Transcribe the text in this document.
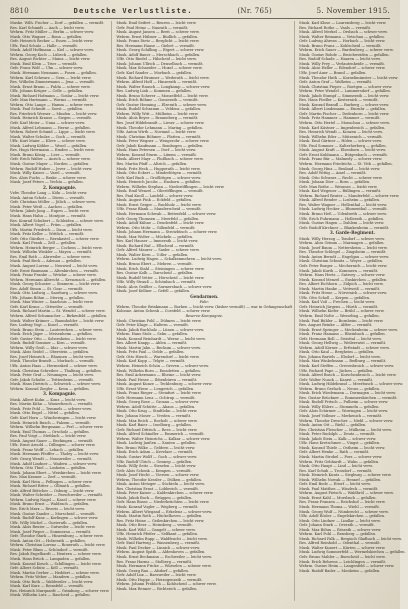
8810	Deutsche Verlustliste.	(Nr. 765)	5. November 1915.
Muske. Wilh. Fischer — Dorf — gefallen — vermißt
Res. Karl Schmidt — Aach — leicht verw.
Wehrm. Fritz Müller — Berlin — schwer verw.
Musk. Otto Wagner — Bonn — gefallen.
Gefr. Heinrich Becker — Essen — leicht verw.
Uffz. Paul Schulz — Halle — vermißt.
Musk. Adolf Hoffmann — Kiel — schwer verw.
Wehrm. Georg Koch — Lübeck — gefallen.
Res. August Richter — Mainz — leicht verw.
Musk. Emil Klein — Trier — vermißt.
Gefr. Franz Wolf — Ulm — schwer verw.
Musk. Hermann Neumann — Posen — gefallen.
Wehrm. Karl Schwarz — Gera — leicht verw.
Res. Wilhelm Zimmermann — Jena — vermißt.
Musk. Ernst Braun — Fulda — schwer verw.
Uffz. Johann Krüger — Celle — gefallen.
Musk. Richard Hofmann — Goslar — leicht verw.
Gefr. Max Hartmann — Worms — vermißt.
Wehrm. Otto Lange — Hamm — schwer verw.
Musk. Paul Schmitt — Soest — gefallen.
Res. Friedrich Werner — Minden — leicht verw.
Musk. Heinrich Krause — Siegen — vermißt.
Gefr. Karl Meier — Unna — schwer verw.
Musk. Alfred Lehmann — Herne — gefallen.
Wehrm. Robert Schmid — Lippe — leicht verw.
Musk. Walter Schulze — Goch — vermißt.
Uffz. Kurt Maier — Kleve — schwer verw.
Musk. Ludwig Köhler — Wesel — gefallen.
Res. Hugo Herrmann — Emden — leicht verw.
Musk. Bruno König — Leer — vermißt.
Gefr. Erich Walter — Aurich — schwer verw.
Musk. Gustav Mayer — Norden — gefallen.
Wehrm. Rudolf Huber — Jever — leicht verw.
Musk. Willy Kaiser — Varel — vermißt.
Res. Alois Fuchs — Brake — schwer verw.
Musk. Josef Peters — Vechta — gefallen.
2. Kompagnie.
Vzfw. Theodor Lang — Köln — leicht verw.
Musk. Anton Scholz — Düren — vermißt.
Gefr. Christian Möller — Jülich — schwer verw.
Musk. Peter Weiß — Aachen — gefallen.
Wehrm. Jakob Jung — Eupen — leicht verw.
Musk. Hans Hahn — Montjoie — vermißt.
Res. Konrad Schubert — Schleiden — schwer verw.
Musk. Albert Vogel — Prüm — gefallen.
Uffz. Martin Friedrich — Daun — leicht verw.
Musk. Fritz Keller — Wittlich — vermißt.
Gefr. Otto Günther — Bernkastel — schwer verw.
Musk. Karl Frank — Zell — gefallen.
Wehrm. Heinrich Berger — Cochem — leicht verw.
Musk. Wilhelm Winkler — Mayen — vermißt.
Res. Emil Roth — Ahrweiler — schwer verw.
Musk. Paul Beck — Adenau — gefallen.
Musk. August Lorenz — Neuwied — leicht verw.
Gefr. Ernst Baumann — Altenkirchen — vermißt.
Musk. Franz Franke — Wetzlar — schwer verw.
Wehrm. Hermann Albrecht — Kreuznach — gefallen.
Musk. Georg Schuster — Simmern — leicht verw.
Res. Adolf Simon — St. Goar — vermißt.
Musk. Otto Ludwig — Saarburg — schwer verw.
Uffz. Johann Böhm — Merzig — gefallen.
Musk. Max Winter — Saarlouis — leicht verw.
Gefr. Karl Kraus — Ottweiler — vermißt.
Musk. Richard Martin — St. Wendel — schwer verw.
Wehrm. Alfred Schumacher — Birkenfeld — gefallen.
Musk. Walter Krämer — Baumholder — leicht verw.
Res. Ludwig Vogt — Kusel — vermißt.
Musk. Bruno Stein — Lauterecken — schwer verw.
Musk. Erich Jäger — Meisenheim — gefallen.
Gefr. Gustav Otto — Sobernheim — leicht verw.
Musk. Rudolf Sommer — Kirn — vermißt.
Wehrm. Willy Groß — Idar — schwer verw.
Musk. Alois Seidel — Oberstein — gefallen.
Res. Josef Heinrich — Rhaunen — leicht verw.
Musk. Theodor Brandt — Morbach — vermißt.
Uffz. Anton Haas — Hermeskeil — schwer verw.
Musk. Christian Schreiber — Thalfang — gefallen.
Musk. Peter Graf — Neumagen — leicht verw.
Gefr. Jakob Schulte — Trittenheim — vermißt.
Musk. Hans Dietrich — Schweich — schwer verw.
Wehrm. Konrad Ziegler — Kenn — gefallen.
3. Kompagnie.
Musk. Albert Kuhn — Konz — leicht verw.
Res. Martin Kühn — Wasserliesch — vermißt.
Musk. Fritz Pohl — Temmels — schwer verw.
Musk. Otto Engel — Nittel — gefallen.
Gefr. Karl Horn — Wincheringen — leicht verw.
Musk. Heinrich Busch — Palzem — vermißt.
Wehrm. Wilhelm Bergmann — Perl — schwer verw.
Musk. Emil Thomas — Orscholz — gefallen.
Res. Paul Voigt — Mettlach — leicht verw.
Musk. August Sauer — Beckingen — vermißt.
Uffz. Ernst Arnold — Dillingen — schwer verw.
Musk. Franz Wolff — Lebach — gefallen.
Musk. Hermann Pfeiffer — Tholey — leicht verw.
Gefr. Georg Wendt — Nonnweiler — vermißt.
Musk. Adolf Lindner — Wadern — schwer verw.
Wehrm. Otto Thiel — Losheim — gefallen.
Musk. Johann Ebert — Weiskirchen — leicht verw.
Res. Max Kramer — Zerf — vermißt.
Musk. Karl Hein — Pellingen — schwer verw.
Musk. Richard Ritter — Ollmuth — gefallen.
Gefr. Alfred Böttcher — Osburg — leicht verw.
Musk. Walter Schröder — Farschweiler — vermißt.
Wehrm. Ludwig Nagel — Kasel — schwer verw.
Musk. Bruno Ernst — Waldrach — gefallen.
Res. Erich Marx — Riveris — leicht verw.
Musk. Gustav Zander — Morscheid — vermißt.
Musk. Rudolf Kunz — Korlingen — schwer verw.
Uffz. Willy Michel — Gusterath — gefallen.
Musk. Alois Reuter — Gutweiler — leicht verw.
Musk. Josef Pieper — Sommerau — vermißt.
Gefr. Theodor Stark — Hinzenburg — schwer verw.
Musk. Anton Ott — Holzerath — gefallen.
Wehrm. Christian Lorenz — Bonerath — leicht verw.
Musk. Peter Blum — Schöndorf — vermißt.
Res. Jakob Engelhardt — Hentern — schwer verw.
Musk. Hans Brück — Lampaden — gefallen.
Musk. Konrad Kirsch — Schillingen — leicht verw.
Gefr. Albert Schütz — Kell — vermißt.
Musk. Martin Gerber — Heddert — schwer verw.
Wehrm. Fritz Weber — Mandern — gefallen.
Musk. Otto Roth — Waldweiler — leicht verw.
Musk. Karl Kurz — Reinsfeld — vermißt.
Res. Heinrich Marquardt — Grimburg — schwer verw.
Musk. Wilhelm Lutz — Rascheid — gefallen.
Musk. Emil Seifert — Beuren — leicht verw.
Gefr. Paul Heinz — Naurath — vermißt.
Musk. August Jansen — Breit — schwer verw.
Wehrm. Ernst Hübner — Büdlich — gefallen.
Musk. Franz Dietz — Berglicht — leicht verw.
Res. Hermann Haase — Gielert — vermißt.
Musk. Georg Schilling — Etgert — schwer verw.
Musk. Adolf Bauer — Merschbach — gefallen.
Uffz. Otto Riedel — Hilscheid — leicht verw.
Musk. Johann Ullrich — Deuselbach — vermißt.
Musk. Max Schneider — Hoxel — schwer verw.
Gefr. Karl Sander — Morbach — gefallen.
Musk. Richard Brunner — Wederath — leicht verw.
Wehrm. Alfred Hoff — Hinzerath — vermißt.
Musk. Walter Rausch — Longkamp — schwer verw.
Res. Ludwig Link — Kommen — gefallen.
Musk. Bruno Scherer — Monzelfeld — leicht verw.
Musk. Erich Böhme — Gonzerath — vermißt.
Gefr. Gustav Henning — Elzerath — schwer verw.
Musk. Rudolf Schramm — Veldenz — gefallen.
Wehrm. Willy Witt — Mülheim — leicht verw.
Musk. Alois Beyer — Brauneberg — vermißt.
Res. Josef Hildebrandt — Lieser — schwer verw.
Musk. Theodor Lehmann — Maring — gefallen.
Uffz. Anton Wirth — Noviand — leicht verw.
Musk. Christian Böhmer — Platten — vermißt.
Musk. Peter Wegner — Wengerohr — schwer verw.
Gefr. Jakob Kaufmann — Bombogen — gefallen.
Musk. Hans Petersen — Dorf — leicht verw.
Wehrm. Konrad Sturm — Lüxem — vermißt.
Musk. Albert Mayr — Flußbach — schwer verw.
Res. Martin Pfaff — Altrich — gefallen.
Musk. Fritz Heck — Hupperath — leicht verw.
Musk. Otto Eckert — Minderlittgen — vermißt.
Gefr. Karl Bach — Großlittgen — schwer verw.
Musk. Heinrich Jacobs — Hasborn — gefallen.
Wehrm. Wilhelm Stephan — Niederöfflingen — leicht verw.
Musk. Emil Wenzel — Oberöfflingen — vermißt.
Res. Paul Knoll — Laufeld — schwer verw.
Musk. August Fink — Eckfeld — gefallen.
Musk. Ernst Geiger — Buchholz — leicht verw.
Uffz. Franz Blank — Manderscheid — vermißt.
Musk. Hermann Schwab — Bettenfeld — schwer verw.
Gefr. Georg Thomsen — Meerfeld — gefallen.
Musk. Adolf Kühne — Deudesfeld — leicht verw.
Wehrm. Otto Mohr — Gillenfeld — vermißt.
Musk. Johann Hermann — Strotzbüsch — schwer verw.
Musk. Max Wolter — Mückeln — gefallen.
Res. Karl Hauser — Immerath — leicht verw.
Musk. Richard Ruf — Ellscheid — vermißt.
Gefr. Alfred Maurer — Saxler — schwer verw.
Musk. Walter Kern — Udler — gefallen.
Wehrm. Ludwig Hagen — Schalkenmehren — leicht verw.
Musk. Bruno Ebert — Mehren — vermißt.
Musk. Erich Stahl — Steiningen — schwer verw.
Res. Gustav Kolb — Darscheid — gefallen.
Musk. Rudolf Vetter — Hörscheid — leicht verw.
Uffz. Willy Strauß — Schönbach — vermißt.
Musk. Alois Geißler — Sarmersbach — schwer verw.
Musk. Josef Kellner — Gefell — gefallen.
Gendarmen.
Fahr.
Wehrm. Theodor Brinkmann — Borken — leicht verw. (bisher vermißt) — war in Gefangenschaft
Kolonne. Anton Schenk — Coesfeld — schwer verw.
Reserve-Kompagnie.
Musk. Christian Pohl — Dülmen — leicht verw.
Gefr. Peter Kluge — Haltern — vermißt.
Musk. Jakob Buchholz — Lünen — schwer verw.
Wehrm. Hans Stolz — Selm — gefallen.
Musk. Konrad Reinhardt — Werne — leicht verw.
Res. Albert Knapp — Ahlen — vermißt.
Musk. Martin Jahn — Beckum — schwer verw.
Musk. Fritz Paul — Oelde — gefallen.
Gefr. Otto Hirsch — Warendorf — leicht verw.
Musk. Karl Kopp — Telgte — vermißt.
Wehrm. Heinrich Schön — Greven — schwer verw.
Musk. Wilhelm Born — Emsdetten — gefallen.
Res. Emil Ackermann — Rheine — leicht verw.
Musk. Paul Hesse — Ibbenbüren — vermißt.
Musk. August Kunze — Tecklenburg — schwer verw.
Uffz. Ernst Wiese — Lengerich — gefallen.
Musk. Franz Rieger — Steinfurt — leicht verw.
Gefr. Hermann Lenz — Ochtrup — vermißt.
Musk. Georg Rose — Gronau — schwer verw.
Wehrm. Adolf Schütte — Ahaus — gefallen.
Musk. Otto Krug — Stadtlohn — leicht verw.
Res. Johann Moser — Vreden — vermißt.
Musk. Max Reich — Bocholt — schwer verw.
Musk. Karl Baier — Isselburg — gefallen.
Gefr. Richard Dittrich — Rees — leicht verw.
Musk. Alfred Schindler — Emmerich — vermißt.
Wehrm. Walter Heinrichs — Kalkar — schwer verw.
Musk. Ludwig Janßen — Xanten — gefallen.
Res. Bruno Wilke — Geldern — leicht verw.
Musk. Erich Adam — Kevelaer — vermißt.
Musk. Gustav Wolff — Goch — schwer verw.
Uffz. Rudolf Ulrich — Gennep — gefallen.
Musk. Willy Seitz — Straelen — leicht verw.
Gefr. Alois Schenk — Kempen — vermißt.
Musk. Josef Hecht — Viersen — schwer verw.
Wehrm. Theodor Kessler — Dülken — gefallen.
Musk. Anton Metzger — Süchteln — leicht verw.
Res. Christian Ernst — Lobberich — vermißt.
Musk. Peter Kaiser — Kaldenkirchen — schwer verw.
Musk. Jakob Bock — Brüggen — gefallen.
Gefr. Hans Busse — Niederkrüchten — leicht verw.
Musk. Konrad Vogler — Wegberg — vermißt.
Wehrm. Albert Wiegand — Erkelenz — schwer verw.
Musk. Martin Roth — Hückelhoven — gefallen.
Res. Fritz Heine — Geilenkirchen — leicht verw.
Musk. Otto Beer — Heinsberg — vermißt.
Musk. Karl Wild — Gangelt — schwer verw.
Uffz. Heinrich Pfeifer — Selfkant — gefallen.
Musk. Wilhelm Rupp — Waldfeucht — leicht verw.
Gefr. Emil Hartwig — Wassenberg — vermißt.
Musk. Paul Decker — Linnich — schwer verw.
Wehrm. August Späth — Aldenhoven — gefallen.
Musk. Ernst Beckmann — Eschweiler — leicht verw.
Res. Franz Harms — Stolberg — vermißt.
Musk. Hermann Fricke — Würselen — schwer verw.
Musk. Georg Rau — Alsdorf — gefallen.
Gefr. Adolf Lux — Baesweiler — leicht verw.
Musk. Otto Hoppe — Herzogenrath — vermißt.
Wehrm. Johann Fröhlich — Kohlscheid — schwer verw.
Musk. Max Renner — Richterich — gefallen.
Musk. Karl Klose — Laurensberg — leicht verw.
Res. Richard Rothe — Vaals — vermißt.
Musk. Alfred Merkel — Orsbach — schwer verw.
Musk. Walter Reimann — Vetschau — gefallen.
Gefr. Ludwig Ahrens — Horbach — leicht verw.
Musk. Bruno Franz — Kohlscheid — vermißt.
Wehrm. Erich Sauer — Bardenberg — schwer verw.
Musk. Gustav Rohde — Broichweiden — gefallen.
Res. Rudolf Schade — Haaren — leicht verw.
Musk. Willy Frey — Verlautenheide — vermißt.
Musk. Alois Heller — Eilendorf — schwer verw.
Uffz. Josef Auer — Brand — gefallen.
Musk. Theodor Huth — Kornelimünster — leicht verw.
Gefr. Anton Graf — Walheim — vermißt.
Musk. Christian Pieper — Roetgen — schwer verw.
Wehrm. Peter Wendel — Lammersdorf — gefallen.
Musk. Jakob Stumpf — Simmerath — leicht verw.
Res. Hans Fiedler — Kesternich — vermißt.
Musk. Konrad Brandl — Rurberg — schwer verw.
Musk. Albert Lindemann — Einruhr — gefallen.
Gefr. Martin Fischer — Dedenborn — leicht verw.
Musk. Fritz Hammer — Hammer — vermißt.
Wehrm. Otto Hertel — Monschau — schwer verw.
Musk. Karl Kästner — Imgenbroich — gefallen.
Res. Heinrich Wendt — Konzen — leicht verw.
Musk. Wilhelm Eder — Mützenich — vermißt.
Musk. Emil Gärtner — Höfen — schwer verw.
Uffz. Paul Sommer — Kalterherberg — gefallen.
Musk. August Kraft — Elsenborn — leicht verw.
Gefr. Ernst Kuhlmann — Bütgenbach — vermißt.
Musk. Franz Bär — Malmedy — schwer verw.
Wehrm. Hermann Friedrichs — St. Vith — gefallen.
Musk. Georg Hinz — Reuland — leicht verw.
Res. Adolf Wittig — Amel — vermißt.
Musk. Otto Schwarz — Recht — schwer verw.
Musk. Johann Dörr — Born — gefallen.
Gefr. Max Rothe — Weismes — leicht verw.
Musk. Karl Wegener — Büllingen — vermißt.
Wehrm. Richard Reuter — Manderfeld — schwer verw.
Musk. Alfred Bender — Losheim — gefallen.
Res. Walter Wagner — Hellenthal — leicht verw.
Musk. Ludwig Hecker — Blumenthal — vermißt.
Musk. Bruno Heß — Udenbreth — schwer verw.
Uffz. Erich Fuhrmann — Hollerath — gefallen.
Musk. Gustav Hagen — Dahlem — leicht verw.
Gefr. Rudolf Kirchner — Blankenheim — vermißt.
3. Garde-Regiment.
Musk. Willy Herzog — Tondorf — schwer verw.
Wehrm. Alois Grimm — Marmagen — gefallen.
Musk. Josef Baum — Nettersheim — leicht verw.
Res. Theodor Schlegel — Zingsheim — vermißt.
Musk. Anton Berndt — Engelgau — schwer verw.
Musk. Christian Schmitz — Weyer — gefallen.
Gefr. Peter Burger — Mechernich — leicht verw.
Musk. Jakob Kurth — Kommern — vermißt.
Wehrm. Hans Hertz — Satzvey — schwer verw.
Musk. Konrad Menzel — Euskirchen — gefallen.
Res. Albert Eichhorn — Zülpich — leicht verw.
Musk. Martin Hanke — Vettweiß — vermißt.
Musk. Fritz Hesse — Nörvenich — schwer verw.
Uffz. Otto Scholl — Kerpen — gefallen.
Musk. Karl Voß — Frechen — leicht verw.
Gefr. Heinrich Jürgens — Hürth — vermißt.
Musk. Wilhelm Kiefer — Brühl — schwer verw.
Wehrm. Emil Nolte — Wesseling — gefallen.
Musk. Paul Bühler — Bornheim — leicht verw.
Res. August Reinke — Alfter — vermißt.
Musk. Ernst Springer — Meckenheim — schwer verw.
Musk. Franz Hamann — Rheinbach — gefallen.
Gefr. Hermann Boll — Swisttal — leicht verw.
Musk. Georg Hellwig — Weilerswist — vermißt.
Wehrm. Adolf Körner — Erftstadt — schwer verw.
Musk. Otto Kaul — Bergheim — gefallen.
Res. Johann Bartels — Elsdorf — leicht verw.
Musk. Max Winkelmann — Bedburg — vermißt.
Musk. Karl Steffen — Grevenbroich — schwer verw.
Uffz. Richard Pape — Jüchen — gefallen.
Musk. Alfred Busch — Korschenbroich — leicht verw.
Gefr. Walter Noack — Kaarst — vermißt.
Musk. Ludwig Hildebrand — Meerbusch — schwer verw.
Wehrm. Bruno Gerlach — Neuss — gefallen.
Musk. Erich Wiedemann — Dormagen — leicht verw.
Res. Gustav Brückner — Rommerskirchen — vermißt.
Musk. Rudolf Fritsch — Pulheim — schwer verw.
Musk. Willy Ehlers — Stommeln — gefallen.
Gefr. Alois Schirmer — Worringen — leicht verw.
Musk. Josef Vollmer — Merkenich — vermißt.
Wehrm. Theodor Drescher — Niehl — schwer verw.
Musk. Anton Ott — Riehl — gefallen.
Res. Christian Fleischer — Mülheim — leicht verw.
Musk. Peter Rudolph — Deutz — vermißt.
Musk. Jakob Stein — Kalk — schwer verw.
Uffz. Hans Kretschmer — Vingst — gefallen.
Musk. Konrad Thiele — Ostheim — leicht verw.
Gefr. Albert Henke — Rath — vermißt.
Musk. Martin Strobel — Porz — schwer verw.
Wehrm. Fritz Gebhardt — Wahn — gefallen.
Musk. Otto Haupt — Lind — leicht verw.
Res. Karl Schuh — Troisdorf — vermißt.
Musk. Heinrich Kuntz — Siegburg — schwer verw.
Musk. Wilhelm Nowak — Hennef — gefallen.
Gefr. Emil Bode — Eitorf — leicht verw.
Musk. Paul Matthes — Windeck — vermißt.
Wehrm. August Pietsch — Waldbröl — schwer verw.
Musk. Ernst Kahl — Morsbach — gefallen.
Res. Franz Franzen — Reichshof — leicht verw.
Musk. Hermann Thoma — Wiehl — vermißt.
Musk. Georg Wulf — Nümbrecht — schwer verw.
Uffz. Adolf Rösler — Engelskirchen — gefallen.
Musk. Otto Lindner — Lindlar — leicht verw.
Gefr. Johann Stark — Overath — vermißt.
Musk. Max Böhm — Rösrath — schwer verw.
Wehrm. Karl Pohl — Bensberg — gefallen.
Musk. Richard Falk — Bergisch Gladbach — leicht verw.
Res. Alfred Reinhold — Odenthal — vermißt.
Musk. Walter Kunert — Kürten — schwer verw.
Musk. Ludwig Sommerfeld — Wermelskirchen — gefallen.
Gefr. Bruno Mahler — Burscheid — leicht verw.
Musk. Erich Behrens — Leichlingen — vermißt.
Wehrm. Gustav Heim — Langenfeld — schwer verw.
Musk. Rudolf Bader — Monheim — gefallen.
